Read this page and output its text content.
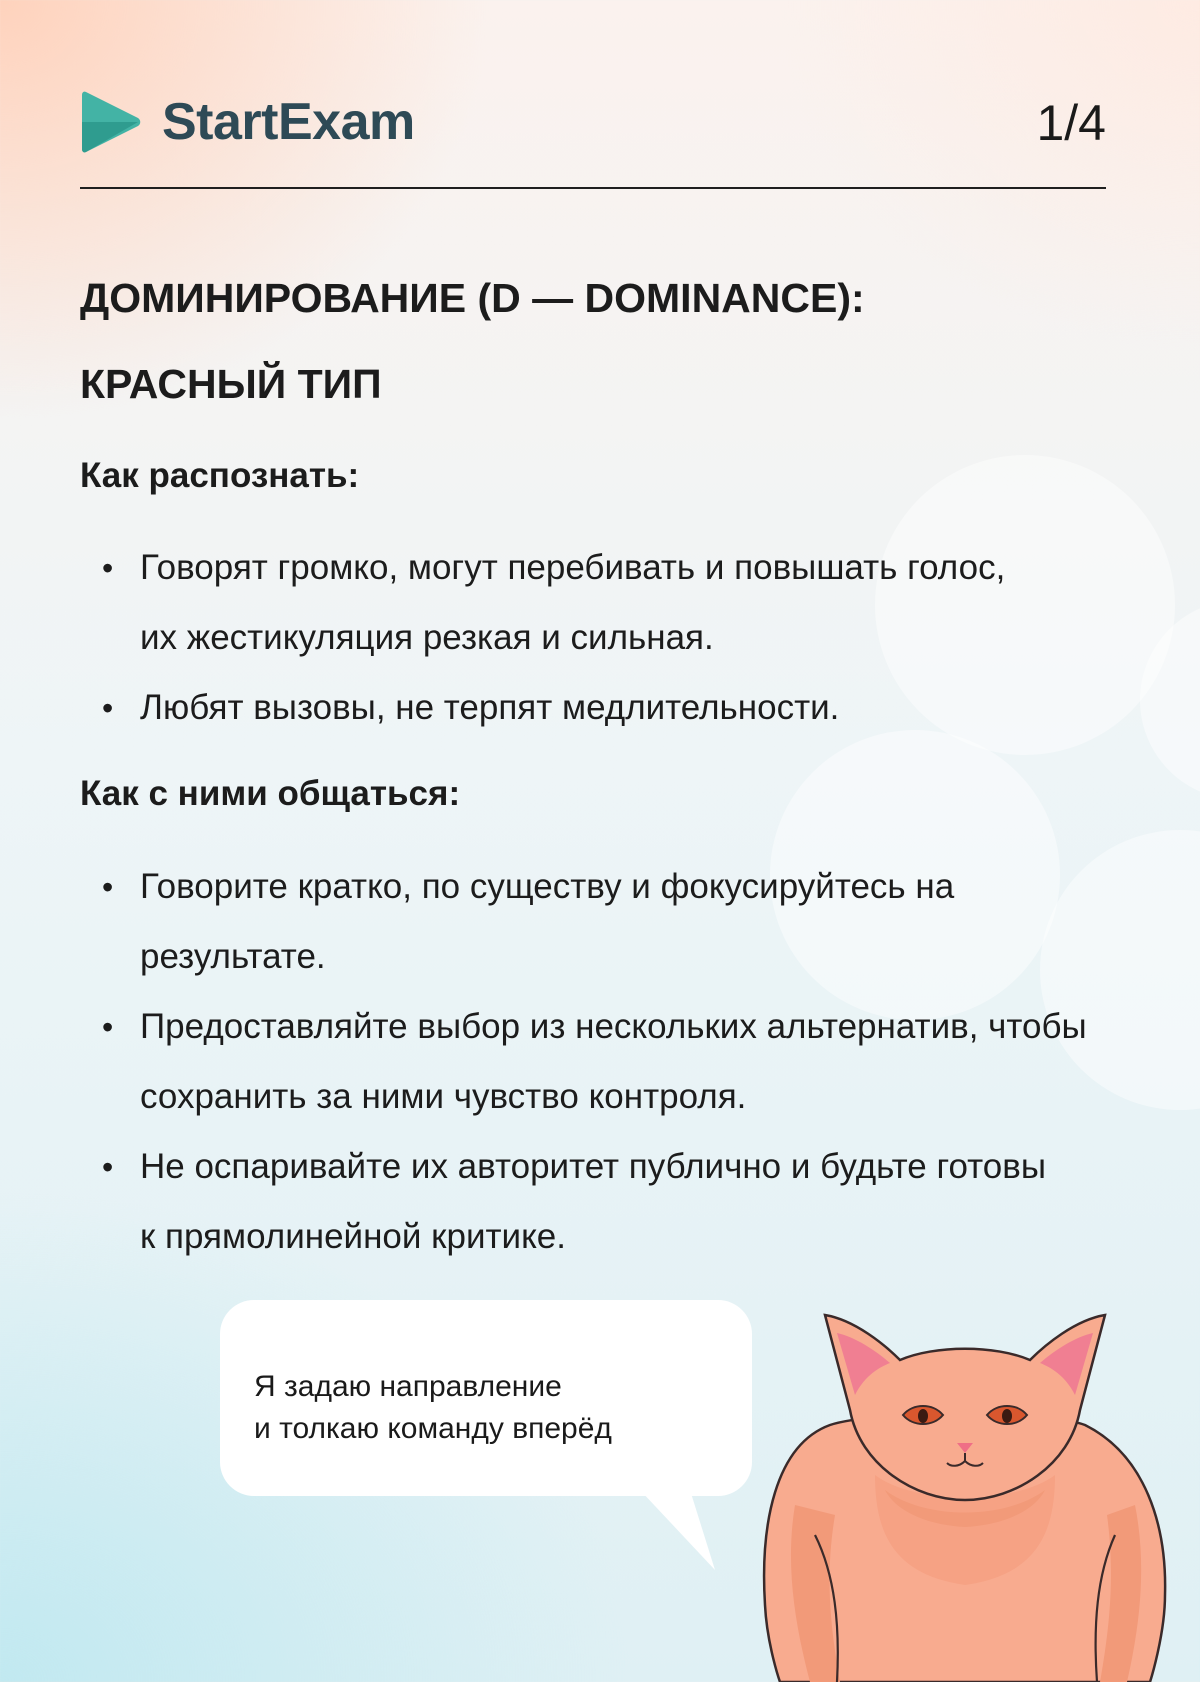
StartExam	1/4
ДОМИНИРОВАНИЕ (D — DOMINANCE):
КРАСНЫЙ ТИП
Как распознать:
• Говорят громко, могут перебивать и повышать голос, их жестикуляция резкая и сильная.
• Любят вызовы, не терпят медлительности.
Как с ними общаться:
• Говорите кратко, по существу и фокусируйтесь на результате.
• Предоставляйте выбор из нескольких альтернатив, чтобы сохранить за ними чувство контроля.
• Не оспаривайте их авторитет публично и будьте готовы к прямолинейной критике.
Я задаю направление
и толкаю команду вперёд
